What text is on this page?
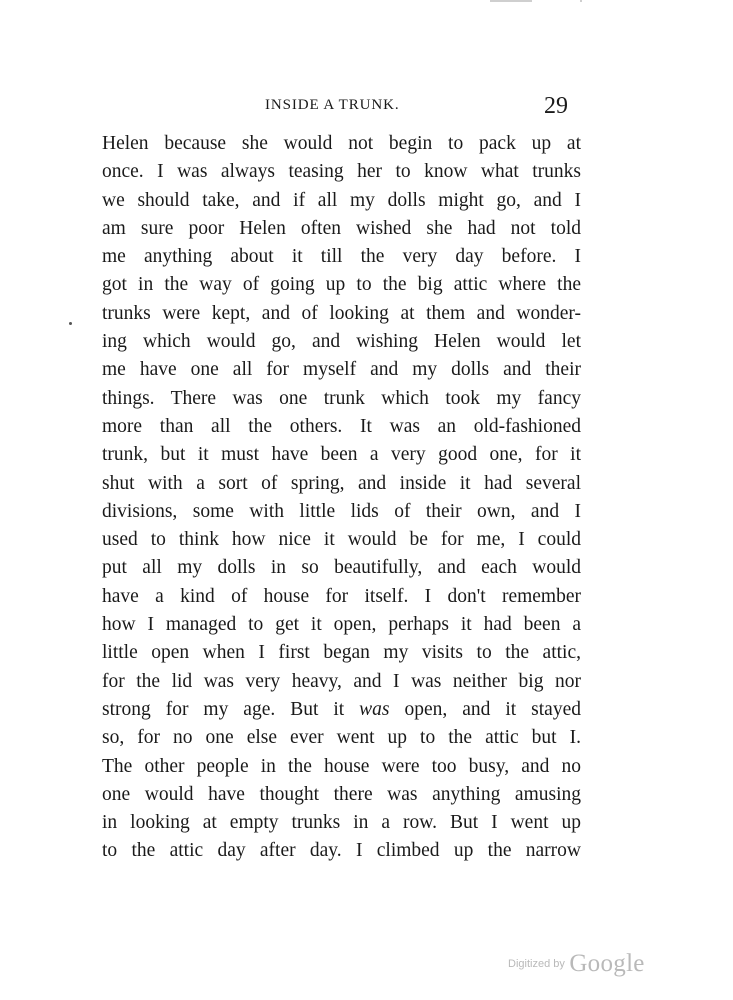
INSIDE A TRUNK.	29
Helen because she would not begin to pack up at
once. I was always teasing her to know what trunks
we should take, and if all my dolls might go, and I
am sure poor Helen often wished she had not told
me anything about it till the very day before. I
got in the way of going up to the big attic where the
trunks were kept, and of looking at them and wonder-
ing which would go, and wishing Helen would let
me have one all for myself and my dolls and their
things. There was one trunk which took my fancy
more than all the others. It was an old-fashioned
trunk, but it must have been a very good one, for it
shut with a sort of spring, and inside it had several
divisions, some with little lids of their own, and I
used to think how nice it would be for me, I could
put all my dolls in so beautifully, and each would
have a kind of house for itself. I don't remember
how I managed to get it open, perhaps it had been a
little open when I first began my visits to the attic,
for the lid was very heavy, and I was neither big nor
strong for my age. But it was open, and it stayed
so, for no one else ever went up to the attic but I.
The other people in the house were too busy, and no
one would have thought there was anything amusing
in looking at empty trunks in a row. But I went up
to the attic day after day. I climbed up the narrow
Digitized by Google
